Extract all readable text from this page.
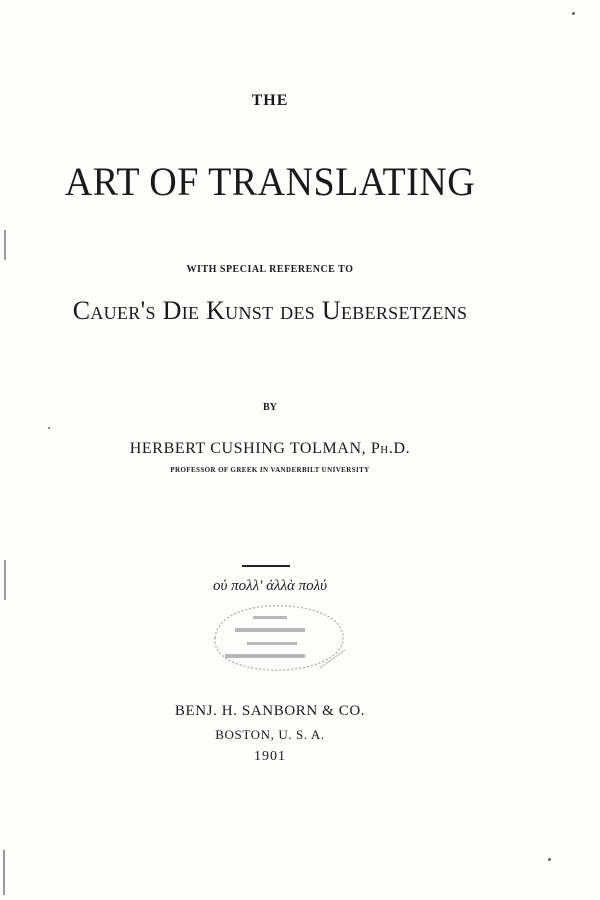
THE
ART OF TRANSLATING
WITH SPECIAL REFERENCE TO
Cauer's Die Kunst des Uebersetzens
BY
HERBERT CUSHING TOLMAN, Ph.D.
PROFESSOR OF GREEK IN VANDERBILT UNIVERSITY
οὐ πολλ' ἀλλὰ πολύ
BENJ. H. SANBORN & CO.
BOSTON, U. S. A.
1901
